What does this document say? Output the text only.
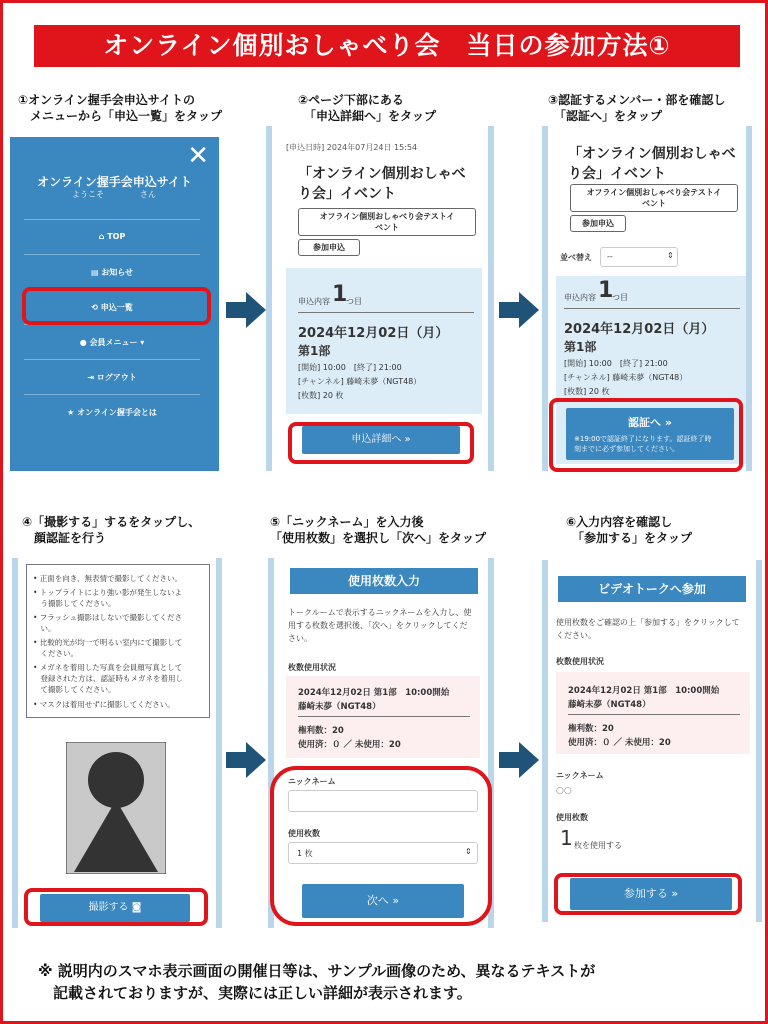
オンライン個別おしゃべり会　当日の参加方法①
①オンライン握手会申込サイトの
　メニューから「申込一覧」をタップ
②ページ下部にある
　「申込詳細へ」をタップ
③認証するメンバー・部を確認し
　「認証へ」をタップ
④「撮影する」するをタップし、
　顔認証を行う
⑤「ニックネーム」を入力後
「使用枚数」を選択し「次へ」をタップ
⑥入力内容を確認し
　「参加する」をタップ
✕
オンライン握手会申込サイト
ようこそ	さん
⌂ TOP
▤ お知らせ
⟲ 申込一覧
● 会員メニュー ▾
⇥ ログアウト
★ オンライン握手会とは
[申込日時] 2024年07月24日 15:54
「オンライン個別おしゃべ
り会」イベント
オフライン個別おしゃべり会テストイ
ベント
参加申込
申込内容 1
つ目
2024年12月02日（月）
第1部
[開始] 10:00　[終了] 21:00
[チャンネル] 藤崎未夢（NGT48）
[枚数] 20 枚
申込詳細へ »
「オンライン個別おしゃべ
り会」イベント
オフライン個別おしゃべり会テストイ
ベント
参加申込
並べ替え --	⇕
申込内容 1
つ目
2024年12月02日（月）
第1部
[開始] 10:00　[終了] 21:00
[チャンネル] 藤崎未夢（NGT48）
[枚数] 20 枚
認証へ »
※19:00で認証終了になります。認証終了時
刻までに必ず参加してください。
• 正面を向き、無表情で撮影してください。
• トップライトにより強い影が発生しないよ
　う撮影してください。
• フラッシュ撮影はしないで撮影してくださ
　い。
• 比較的光が均一で明るい室内にて撮影して
　ください。
• メガネを着用した写真を会員顔写真として
　登録された方は、認証時もメガネを着用し
　て撮影してください。
• マスクは着用せずに撮影してください。
撮影する ◙
使用枚数入力
トークルームで表示するニックネームを入力し、使
用する枚数を選択後、「次へ」をクリックしてくだ
さい。
枚数使用状況
2024年12月02日 第1部　10:00開始
藤崎未夢（NGT48）
権利数：20
使用済：０ ／ 未使用：20
ニックネーム
使用枚数
1 枚	⇕
次へ »
ビデオトークへ参加
使用枚数をご確認の上「参加する」をクリックして
ください。
枚数使用状況
2024年12月02日 第1部　10:00開始
藤崎未夢（NGT48）
権利数：20
使用済：０ ／ 未使用：20
ニックネーム
○○
使用枚数
1 枚を使用する
参加する »
※ 説明内のスマホ表示画面の開催日等は、サンプル画像のため、異なるテキストが
　記載されておりますが、実際には正しい詳細が表示されます。
